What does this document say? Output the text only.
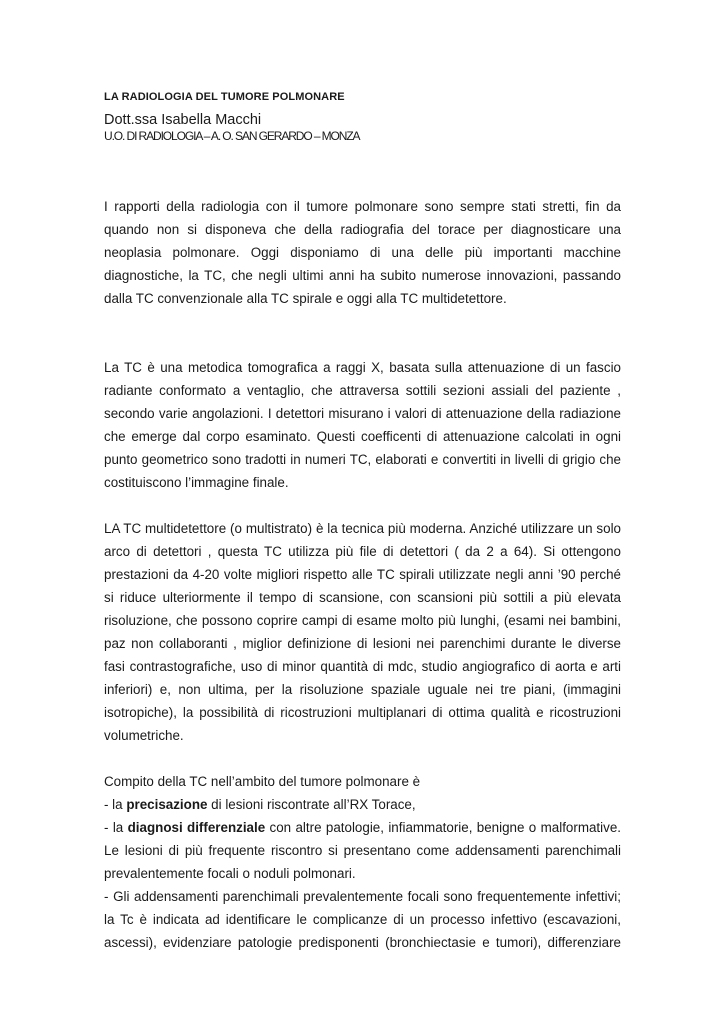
LA RADIOLOGIA DEL TUMORE POLMONARE
Dott.ssa Isabella Macchi
U.O. DI RADIOLOGIA – A. O. SAN GERARDO – MONZA
I rapporti della radiologia con il tumore polmonare sono sempre stati stretti, fin da
quando non si disponeva che della radiografia del torace per diagnosticare una
neoplasia polmonare. Oggi disponiamo di una delle più importanti macchine
diagnostiche, la TC, che negli ultimi anni ha subito numerose innovazioni, passando
dalla TC convenzionale alla TC spirale e oggi alla TC multidetettore.
La TC è una metodica tomografica a raggi X, basata sulla attenuazione di un fascio
radiante conformato a ventaglio, che attraversa sottili sezioni assiali del paziente ,
secondo varie angolazioni. I detettori misurano i valori di attenuazione della radiazione
che emerge dal corpo esaminato. Questi coefficenti di attenuazione calcolati in ogni
punto geometrico sono tradotti in numeri TC, elaborati e convertiti in livelli di grigio che
costituiscono l’immagine finale.
LA TC multidetettore (o multistrato) è la tecnica più moderna. Anziché utilizzare un solo
arco di detettori , questa TC utilizza più file di detettori ( da 2 a 64). Si ottengono
prestazioni da 4-20 volte migliori rispetto alle TC spirali utilizzate negli anni ’90 perché
si riduce ulteriormente il tempo di scansione, con scansioni più sottili a più elevata
risoluzione, che possono coprire campi di esame molto più lunghi, (esami nei bambini,
paz non collaboranti , miglior definizione di lesioni nei parenchimi durante le diverse
fasi contrastografiche, uso di minor quantità di mdc, studio angiografico di aorta e arti
inferiori) e, non ultima, per la risoluzione spaziale uguale nei tre piani, (immagini
isotropiche), la possibilità di ricostruzioni multiplanari di ottima qualità e ricostruzioni
volumetriche.
Compito della TC nell’ambito del tumore polmonare è
- la precisazione di lesioni riscontrate all’RX Torace,
- la diagnosi differenziale con altre patologie, infiammatorie, benigne o malformative.
Le lesioni di più frequente riscontro si presentano come addensamenti parenchimali
prevalentemente focali o noduli polmonari.
- Gli addensamenti parenchimali prevalentemente focali sono frequentemente infettivi;
la Tc è indicata ad identificare le complicanze di un processo infettivo (escavazioni,
ascessi), evidenziare patologie predisponenti (bronchiectasie e tumori), differenziare
